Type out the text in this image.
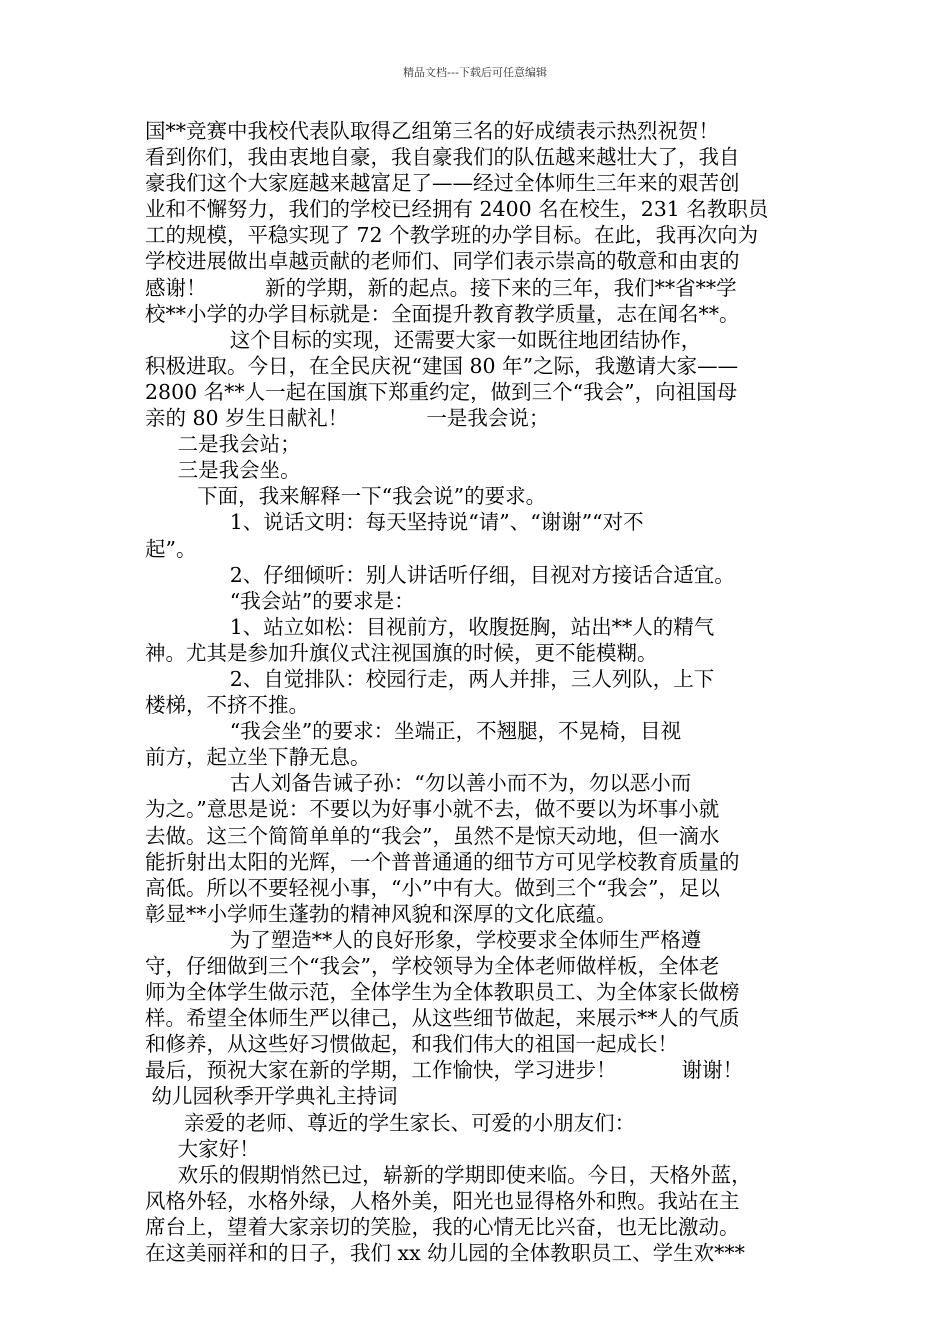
精品文档---下载后可任意编辑
国**竞赛中我校代表队取得乙组第三名的好成绩表示热烈祝贺！
看到你们，我由衷地自豪，我自豪我们的队伍越来越壮大了，我自
豪我们这个大家庭越来越富足了——经过全体师生三年来的艰苦创
业和不懈努力，我们的学校已经拥有 2400 名在校生，231 名教职员
工的规模，平稳实现了 72 个教学班的办学目标。在此，我再次向为
学校进展做出卓越贡献的老师们、同学们表示崇高的敬意和由衷的
感谢！         新的学期，新的起点。接下来的三年，我们**省**学
校**小学的办学目标就是：全面提升教育教学质量，志在闻名**。
这个目标的实现，还需要大家一如既往地团结协作，
积极进取。今日，在全民庆祝“建国 80 年”之际，我邀请大家——
2800 名**人一起在国旗下郑重约定，做到三个“我会”，向祖国母
亲的 80 岁生日献礼！            一是我会说；
二是我会站；
三是我会坐。
下面，我来解释一下“我会说”的要求。
1、说话文明：每天坚持说“请”、“谢谢”“对不
起”。
2、仔细倾听：别人讲话听仔细，目视对方接话合适宜。
“我会站”的要求是：
1、站立如松：目视前方，收腹挺胸，站出**人的精气
神。尤其是参加升旗仪式注视国旗的时候，更不能模糊。
2、自觉排队：校园行走，两人并排，三人列队，上下
楼梯，不挤不推。
“我会坐”的要求：坐端正，不翘腿，不晃椅，目视
前方，起立坐下静无息。
古人刘备告诫子孙：“勿以善小而不为，勿以恶小而
为之。”意思是说：不要以为好事小就不去，做不要以为坏事小就
去做。这三个简简单单的“我会”，虽然不是惊天动地，但一滴水
能折射出太阳的光辉，一个普普通通的细节方可见学校教育质量的
高低。所以不要轻视小事，“小”中有大。做到三个“我会”，足以
彰显**小学师生蓬勃的精神风貌和深厚的文化底蕴。
为了塑造**人的良好形象，学校要求全体师生严格遵
守，仔细做到三个“我会”，学校领导为全体老师做样板，全体老
师为全体学生做示范，全体学生为全体教职员工、为全体家长做榜
样。希望全体师生严以律己，从这些细节做起，来展示**人的气质
和修养，从这些好习惯做起，和我们伟大的祖国一起成长！
最后，预祝大家在新的学期，工作愉快，学习进步！          谢谢！
幼儿园秋季开学典礼主持词
亲爱的老师、尊近的学生家长、可爱的小朋友们：
大家好！
欢乐的假期悄然已过，崭新的学期即使来临。今日，天格外蓝，
风格外轻，水格外绿，人格外美，阳光也显得格外和煦。我站在主
席台上，望着大家亲切的笑脸，我的心情无比兴奋，也无比激动。
在这美丽祥和的日子，我们 xx 幼儿园的全体教职员工、学生欢***
